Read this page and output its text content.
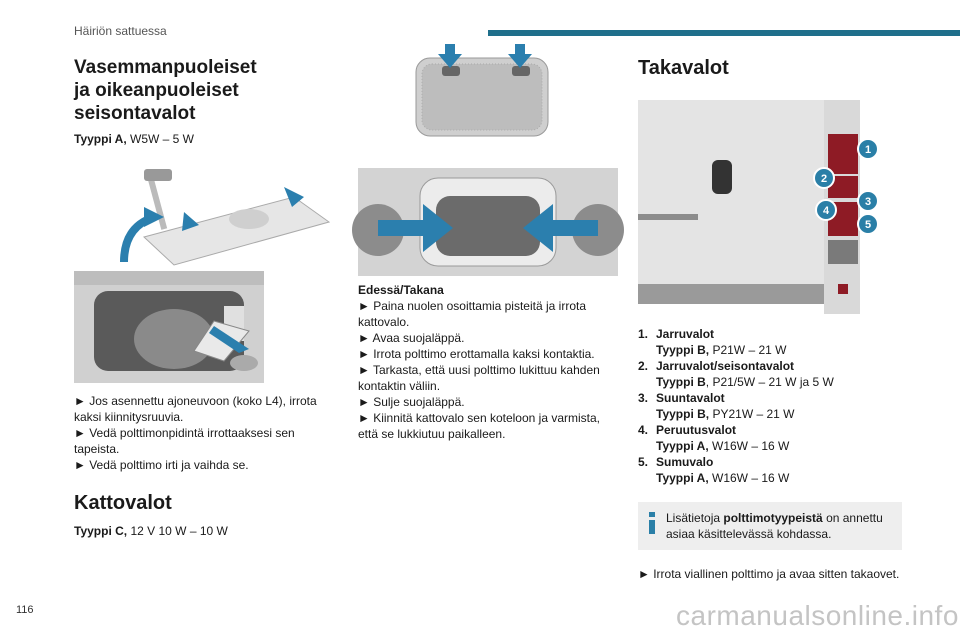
Häiriön sattuessa
Vasemmanpuoleiset ja oikeanpuoleiset seisontavalot

Tyyppi A, W5W – 5 W

► Jos asennettu ajoneuvoon (koko L4), irrota kaksi kiinnitysruuvia.
► Vedä polttimonpidintä irrottaaksesi sen tapeista.
► Vedä polttimo irti ja vaihda se.
Kattovalot

Tyyppi C, 12 V 10 W – 10 W

Edessä/Takana

► Paina nuolen osoittamia pisteitä ja irrota kattovalo.
► Avaa suojaläppä.
► Irrota polttimo erottamalla kaksi kontaktia.
► Tarkasta, että uusi polttimo lukittuu kahden kontaktin väliin.
► Sulje suojaläppä.
► Kiinnitä kattovalo sen koteloon ja varmista, että se lukkiutuu paikalleen.
Takavalot
1
2
3
4
5
1. Jarruvalot
Tyyppi B, P21W – 21 W
2. Jarruvalot/seisontavalot
Tyyppi B, P21/5W – 21 W ja 5 W
3. Suuntavalot
Tyyppi B, PY21W – 21 W
4. Peruutusvalot
Tyyppi A, W16W – 16 W
5. Sumuvalo
Tyyppi A, W16W – 16 W
Lisätietoja polttimotyypeistä on annettu asiaa käsittelevässä kohdassa.

► Irrota viallinen polttimo ja avaa sitten takaovet.

116	carmanualsonline.info
